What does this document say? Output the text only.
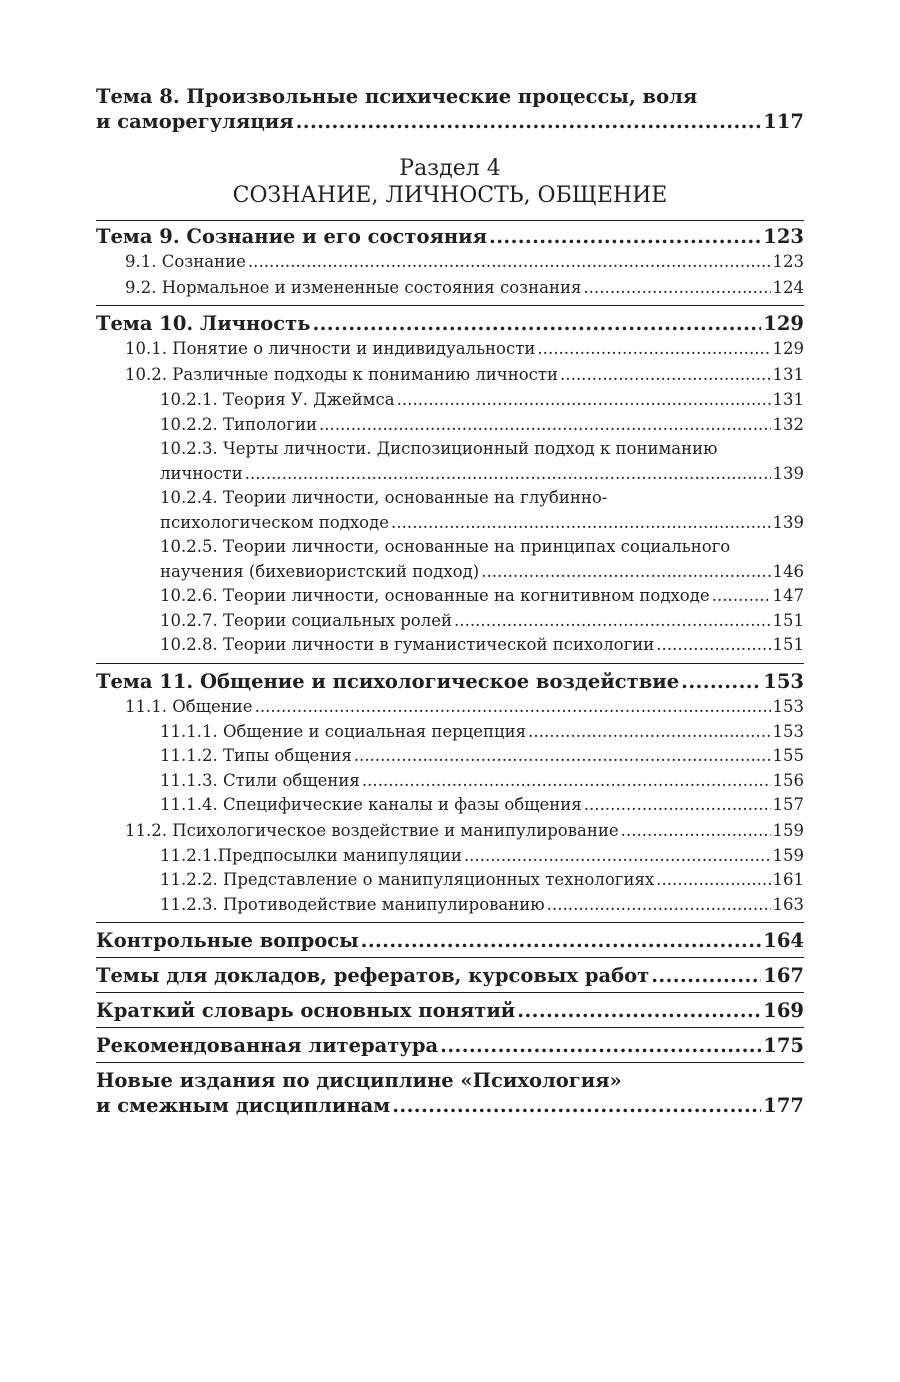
Тема 8. Произвольные психические процессы, воля
и саморегуляция . . .	117
Раздел 4
СОЗНАНИЕ, ЛИЧНОСТЬ, ОБЩЕНИЕ
Тема 9. Сознание и его состояния . . .	123
9.1. Сознание . . .	123
9.2. Нормальное и измененные состояния сознания . . .	124
Тема 10. Личность . . .	129
10.1. Понятие о личности и индивидуальности . . .	129
10.2. Различные подходы к пониманию личности . . .	131
10.2.1. Теория У. Джеймса . . .	131
10.2.2. Типологии . . .	132
10.2.3. Черты личности. Диспозиционный подход к пониманию
личности . . .	139
10.2.4. Теории личности, основанные на глубинно-
психологическом подходе . . .	139
10.2.5. Теории личности, основанные на принципах социального
научения (бихевиористский подход) . . .	146
10.2.6. Теории личности, основанные на когнитивном подходе . . .	147
10.2.7. Теории социальных ролей . . .	151
10.2.8. Теории личности в гуманистической психологии . . .	151
Тема 11. Общение и психологическое воздействие . . .	153
11.1. Общение . . .	153
11.1.1. Общение и социальная перцепция . . .	153
11.1.2. Типы общения . . .	155
11.1.3. Стили общения . . .	156
11.1.4. Специфические каналы и фазы общения . . .	157
11.2. Психологическое воздействие и манипулирование . . .	159
11.2.1.Предпосылки манипуляции . . .	159
11.2.2. Представление о манипуляционных технологиях . . .	161
11.2.3. Противодействие манипулированию . . .	163
Контрольные вопросы . . .	164
Темы для докладов, рефератов, курсовых работ . . .	167
Краткий словарь основных понятий . . .	169
Рекомендованная литература . . .	175
Новые издания по дисциплине «Психология»
и смежным дисциплинам . . .	177
